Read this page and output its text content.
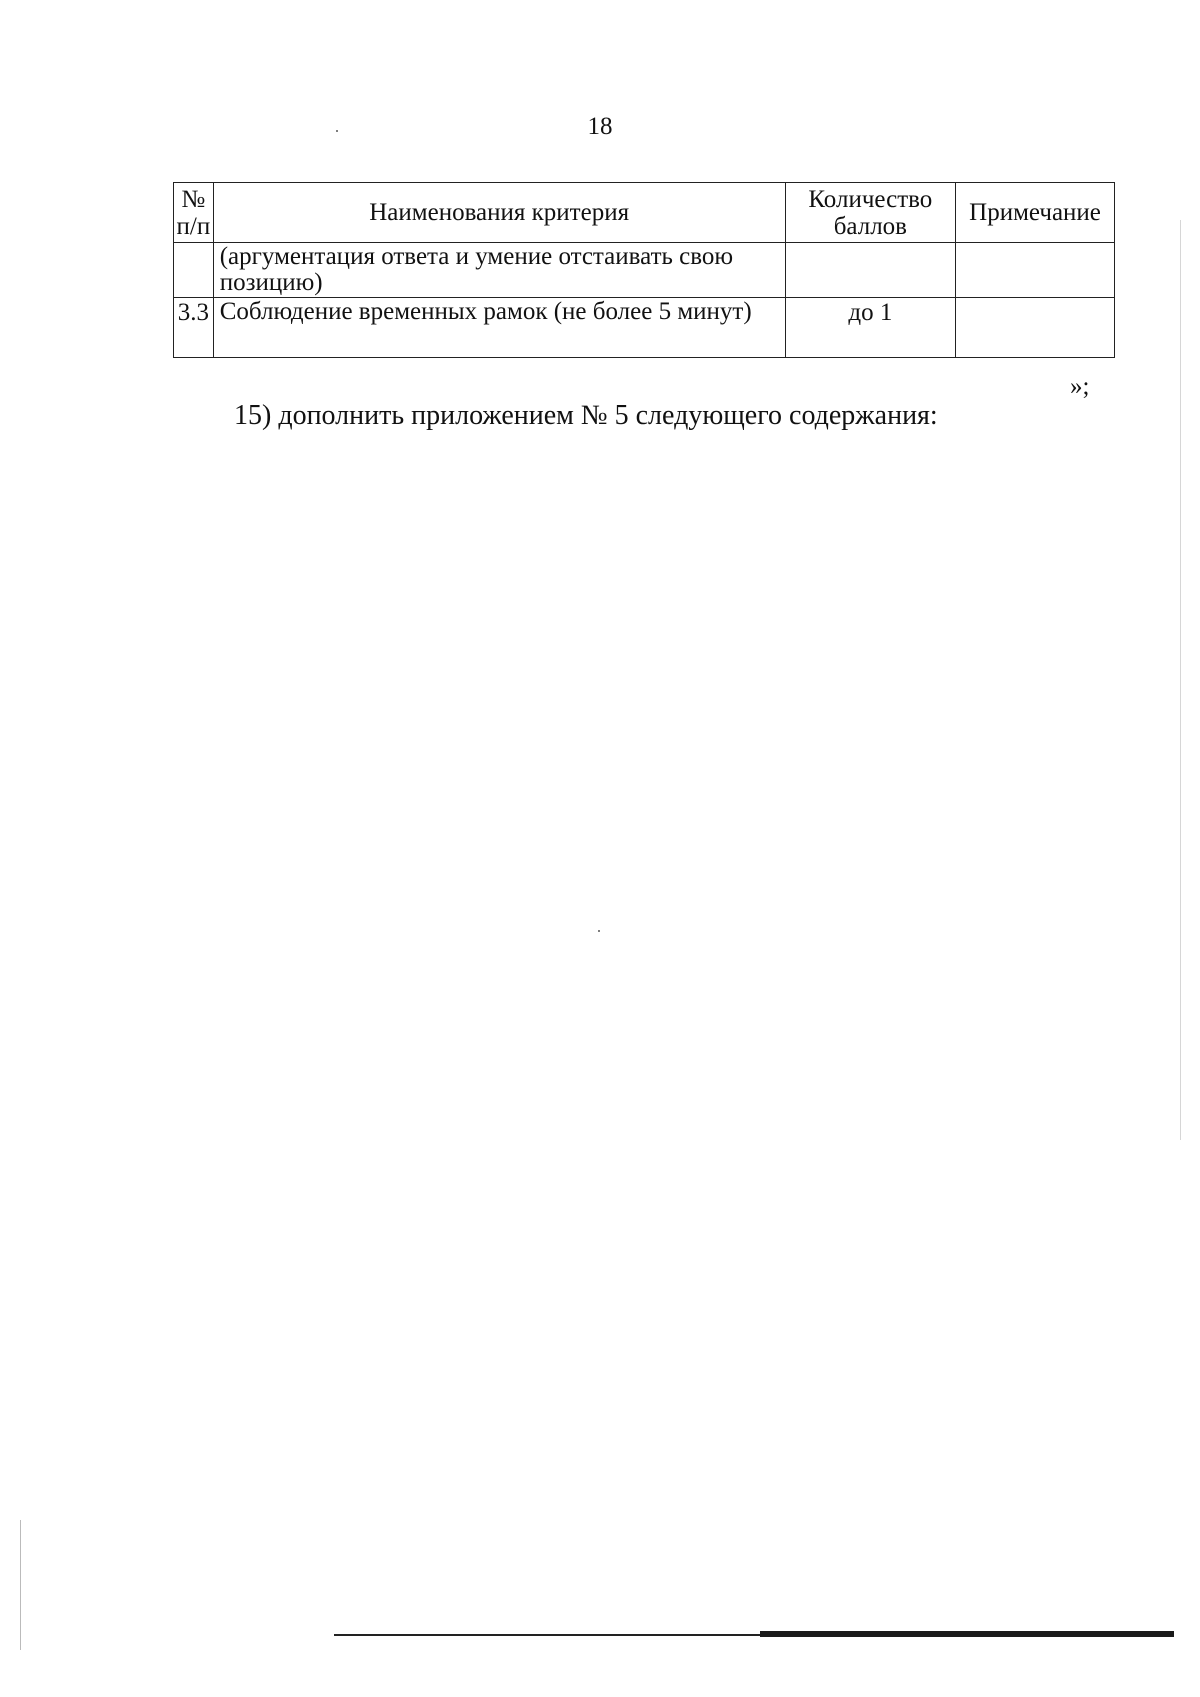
18
№ п/п	Наименования критерия	Количество баллов	Примечание
	(аргументация ответа и умение отстаивать свою позицию)		
3.3	Соблюдение временных рамок (не более 5 минут)	до 1	
»;
15) дополнить приложением № 5 следующего содержания:
